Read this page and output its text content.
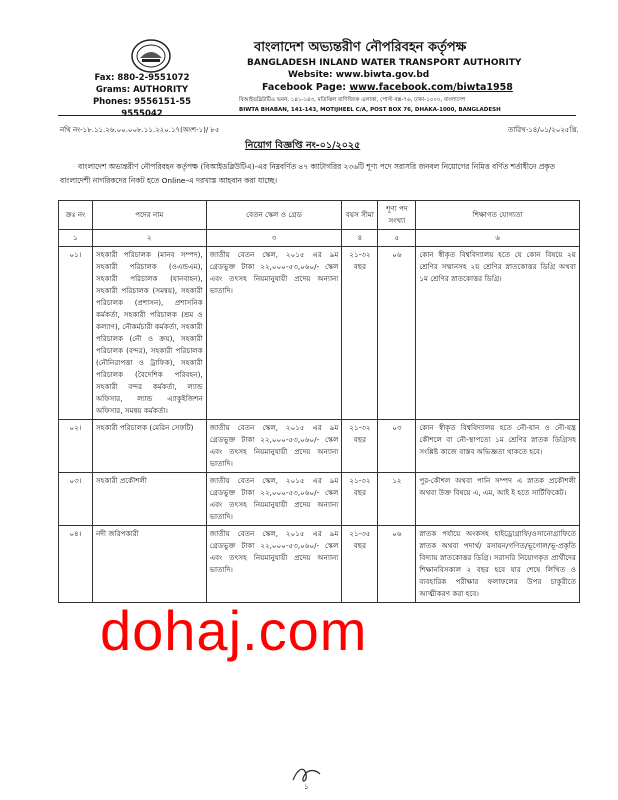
Fax: 880-2-9551072
Grams: AUTHORITY
Phones: 9556151-55
9555042
বাংলাদেশ অভ্যন্তরীণ নৌপরিবহন কর্তৃপক্ষ
BANGLADESH INLAND WATER TRANSPORT AUTHORITY
Website: www.biwta.gov.bd
Facebook Page: www.facebook.com/biwta1958
বিআইডব্লিউটিএ ভবন, ১৪১-১৪৩, মতিঝিল বাণিজ্যিক এলাকা, পোস্ট বক্স-৭৬, ঢাকা-১০০০, বাংলাদেশ
BIWTA BHABAN, 141-143, MOTIJHEEL C/A, POST BOX 76, DHAKA-1000, BANGLADESH
নথি নং-১৮.১১.২৬.০০.০০৮.১১.২২০.১৭(অংশ-১)/ ৮৫	তারিখ-১৪/০১/২০২৫খ্রি.
নিয়োগ বিজ্ঞপ্তি নং-০১/২০২৫
বাংলাদেশ অভ্যন্তরীণ নৌপরিবহন কর্তৃপক্ষ (বিআইডব্লিউটিএ)-এর নিম্নবর্ণিত ৪৭ ক্যাটাগরির ২৩৬টি শূণ্য পদে সরাসরি জনবল নিয়োগের নিমিত্ত বর্ণিত শর্তাধীনে প্রকৃত বাংলাদেশী নাগরিকদের নিকট হতে Online-এ দরখাস্ত আহবান করা যাচ্ছে।
ক্রঃ নং	পদের নাম	বেতন স্কেল ও গ্রেড	বয়স সীমা	শূণ্য পদ সংখ্যা	শিক্ষাগত যোগ্যতা
১	২	৩	৪	৫	৬
০১।	সহকারী পরিচালক (মানব সম্পদ), সহকারী পরিচালক (ওএন্ডএম), সহকারী পরিচালক (যানবাহন), সহকারী পরিচালক (সমন্বয়), সহকারী পরিচালক (প্রশাসন), প্রশাসনিক কর্মকর্তা, সহকারী পরিচালক (শ্রম ও কল্যাণ), নৌকর্মচারী কর্মকর্তা, সহকারী পরিচালক (নৌ ও ক্রয়), সহকারী পরিচালক (বন্দর), সহকারী পরিচালক (নৌনিরাপত্তা ও ট্রাফিক), সহকারী পরিচালক (বৈদেশিক পরিবহন), সহকারী বন্দর কর্মকর্তা, ল্যান্ড অফিসার, ল্যান্ড এ্যাকুইজিশন অফিসার, সমন্বয় কর্মকর্তা।	জাতীয় বেতন স্কেল, ২০১৫ এর ৯ম গ্রেডভুক্ত টাকা ২২,০০০-৫৩,০৬০/- স্কেল এবং তৎসহ নিয়মানুযায়ী প্রদেয় অন্যান্য ভাতাদি।	২১-৩২ বছর	০৬	কোন স্বীকৃত বিশ্ববিদ্যালয় হতে যে কোন বিষয়ে ২য় শ্রেণির সম্মানসহ ২য় শ্রেণির স্নাতকোত্তর ডিগ্রি অথবা ১ম শ্রেণির স্নাতকোত্তর ডিগ্রি।
০২।	সহকারী পরিচালক (মেরিন সেফটি)	জাতীয় বেতন স্কেল, ২০১৫ এর ৯ম গ্রেডভুক্ত টাকা ২২,০০০-৫৩,০৬০/- স্কেল এবং তৎসহ নিয়মানুযায়ী প্রদেয় অন্যান্য ভাতাদি।	২১-৩২ বছর	০৩	কোন স্বীকৃত বিশ্ববিদ্যালয় হতে নৌ-যান ও নৌ-যন্ত্র কৌশলে বা নৌ-স্থাপত্যে ১ম শ্রেণির স্নাতক ডিগ্রিসহ সংশ্লিষ্ট কাজে বাস্তব অভিজ্ঞতা থাকতে হবে।
০৩।	সহকারী প্রকৌশলী	জাতীয় বেতন স্কেল, ২০১৫ এর ৯ম গ্রেডভুক্ত টাকা ২২,০০০-৫৩,০৬০/- স্কেল এবং তৎসহ নিয়মানুযায়ী প্রদেয় অন্যান্য ভাতাদি।	২১-৩২ বছর	১২	পুর-কৌশল অথবা পানি সম্পদ এ স্নাতক প্রকৌশলী অথবা উক্ত বিষয়ে এ, এম, আই ই হতে সার্টিফিকেট।
০৪।	নদী জরিপকারী	জাতীয় বেতন স্কেল, ২০১৫ এর ৯ম গ্রেডভুক্ত টাকা ২২,০০০-৫৩,০৬০/- স্কেল এবং তৎসহ নিয়মানুযায়ী প্রদেয় অন্যান্য ভাতাদি।	২১-৩৫ বছর	০৬	স্নাতক পর্যায়ে অংকসহ হাইড্রোগ্রাফি/ওসানোগ্রাফিতে স্নাতক অথবা পদার্থ/ রসায়ন/গণিত/ভূগোল/ভূ-প্রকৃতি বিদ্যায় স্নাতকোত্তর ডিগ্রি। সরাসরি নিয়োগকৃত প্রার্থীদের শিক্ষানবিসকাল ২ বছর হবে যার শেষে লিখিত ও ব্যবহারিক পরীক্ষার ফলাফলের উপর চাকুরীতে আত্মীকরণ করা হবে।
dohaj.com
১
